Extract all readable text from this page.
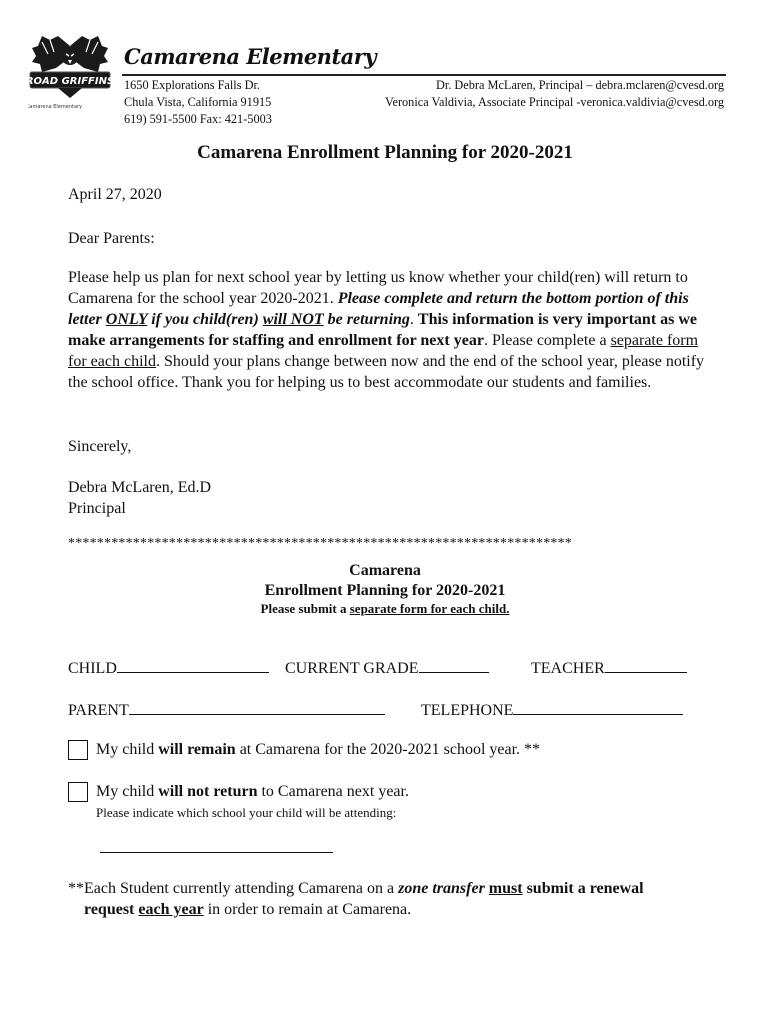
ROAD GRIFFINS
Camarena Elementary
Camarena Elementary
1650 Explorations Falls Dr.
Chula Vista, California 91915
619) 591-5500 Fax: 421-5003
Dr. Debra McLaren, Principal – debra.mclaren@cvesd.org
Veronica Valdivia, Associate Principal -veronica.valdivia@cvesd.org
Camarena Enrollment Planning for 2020-2021
April 27, 2020
Dear Parents:
Please help us plan for next school year by letting us know whether your child(ren) will return to Camarena for the school year 2020-2021. Please complete and return the bottom portion of this letter ONLY if you child(ren) will NOT be returning. This information is very important as we make arrangements for staffing and enrollment for next year. Please complete a separate form for each child. Should your plans change between now and the end of the school year, please notify the school office. Thank you for helping us to best accommodate our students and families.
Sincerely,
Debra McLaren, Ed.D
Principal
**********************************************************************
Camarena
Enrollment Planning for 2020-2021
Please submit a separate form for each child.
CHILD	CURRENT GRADE	TEACHER
PARENT	TELEPHONE
My child will remain at Camarena for the 2020-2021 school year. **
My child will not return to Camarena next year.
Please indicate which school your child will be attending:
**Each Student currently attending Camarena on a zone transfer must submit a renewal
request each year in order to remain at Camarena.
